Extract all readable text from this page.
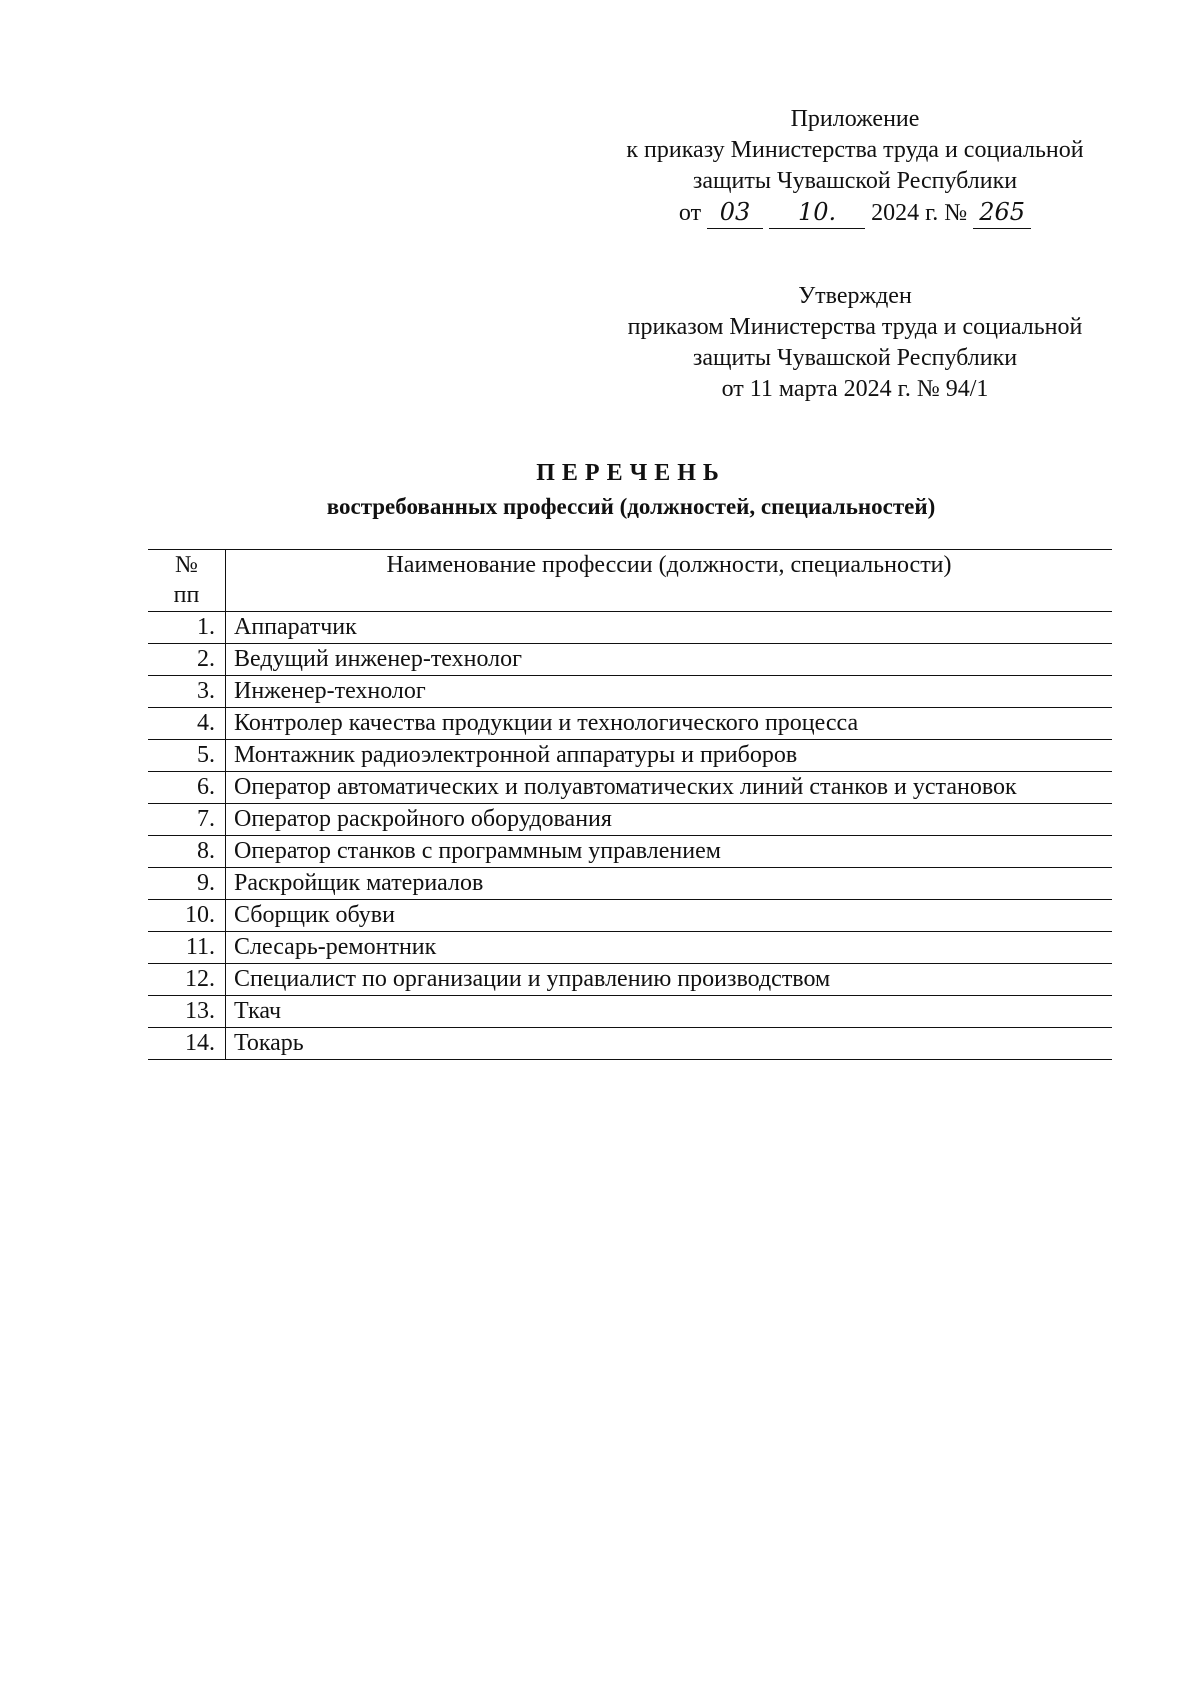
Приложение
к приказу Министерства труда и социальной
защиты Чувашской Республики
от 03 10. 2024 г. № 265
Утвержден
приказом Министерства труда и социальной
защиты Чувашской Республики
от 11 марта 2024 г. № 94/1
ПЕРЕЧЕНЬ
востребованных профессий (должностей, специальностей)
№
пп	Наименование профессии (должности, специальности)
1.	Аппаратчик
2.	Ведущий инженер-технолог
3.	Инженер-технолог
4.	Контролер качества продукции и технологического процесса
5.	Монтажник радиоэлектронной аппаратуры и приборов
6.	Оператор автоматических и полуавтоматических линий станков и установок
7.	Оператор раскройного оборудования
8.	Оператор станков с программным управлением
9.	Раскройщик материалов
10.	Сборщик обуви
11.	Слесарь-ремонтник
12.	Специалист по организации и управлению производством
13.	Ткач
14.	Токарь
